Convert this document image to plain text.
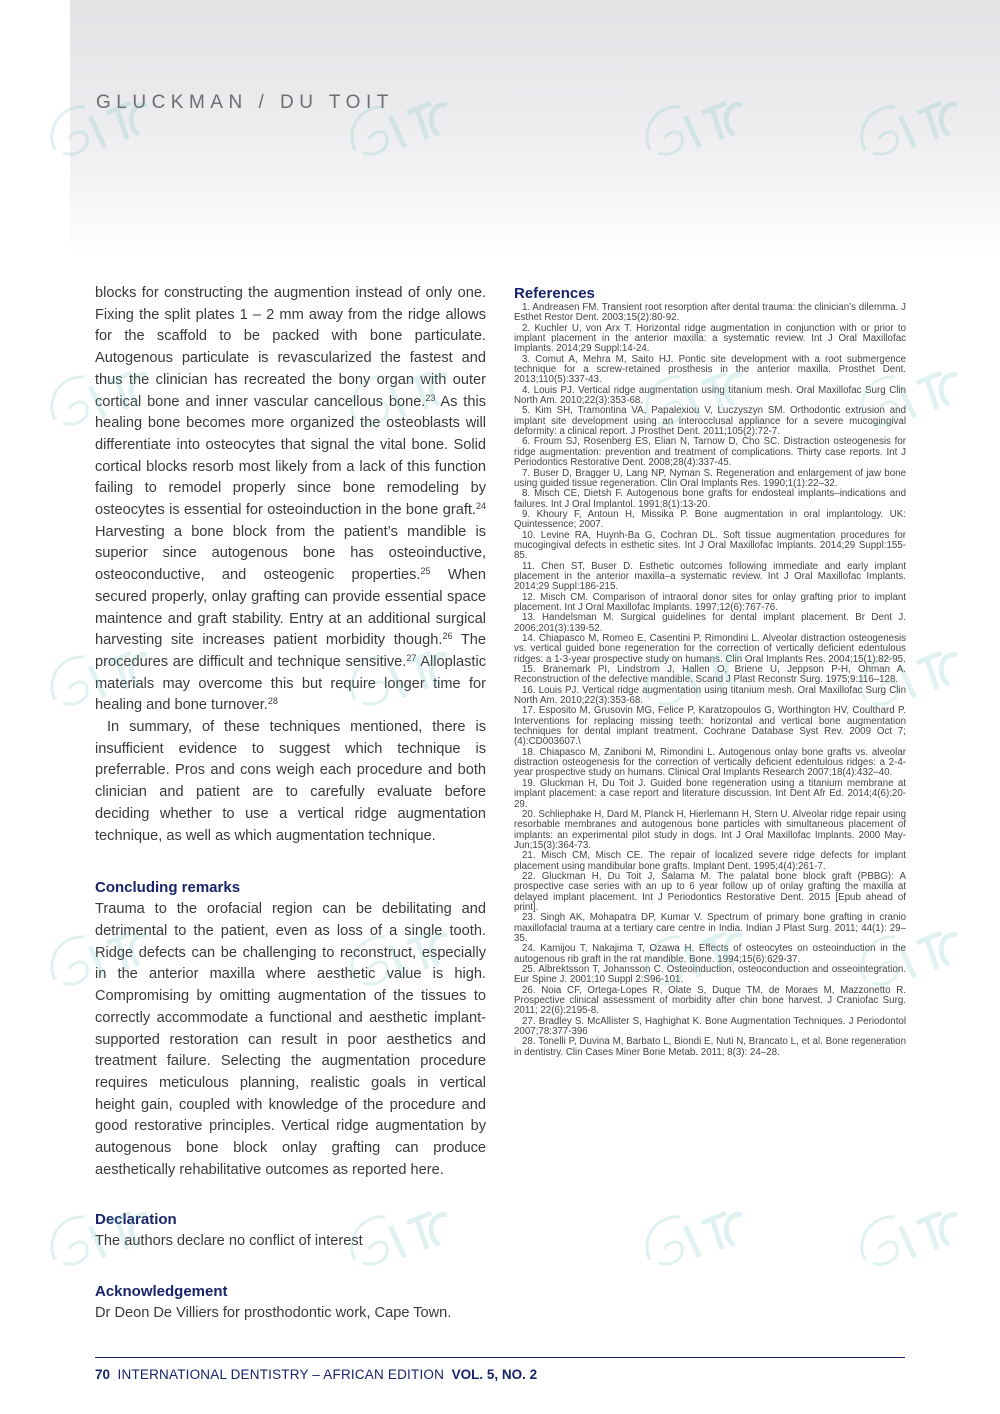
GLUCKMAN / DU TOIT

blocks for constructing the augmention instead of only one. Fixing the split plates 1 – 2 mm away from the ridge allows for the scaffold to be packed with bone particulate. Autogenous particulate is revascularized the fastest and thus the clinician has recreated the bony organ with outer cortical bone and inner vascular cancellous bone.$^{23}$ As this healing bone becomes more organized the osteoblasts will differentiate into osteocytes that signal the vital bone. Solid cortical blocks resorb most likely from a lack of this function failing to remodel properly since bone remodeling by osteocytes is essential for osteoinduction in the bone graft.$^{24}$ Harvesting a bone block from the patient’s mandible is superior since autogenous bone has osteoinductive, osteoconductive, and osteogenic properties.$^{25}$ When secured properly, onlay grafting can provide essential space maintence and graft stability. Entry at an additional surgical harvesting site increases patient morbidity though.$^{26}$ The procedures are difficult and technique sensitive.$^{27}$ Alloplastic materials may overcome this but require longer time for healing and bone turnover.$^{28}$

In summary, of these techniques mentioned, there is insufficient evidence to suggest which technique is preferrable. Pros and cons weigh each procedure and both clinician and patient are to carefully evaluate before deciding whether to use a vertical ridge augmentation technique, as well as which augmentation technique.

Concluding remarks

Trauma to the orofacial region can be debilitating and detrimental to the patient, even as loss of a single tooth. Ridge defects can be challenging to reconstruct, especially in the anterior maxilla where aesthetic value is high. Compromising by omitting augmentation of the tissues to correctly accommodate a functional and aesthetic implant-supported restoration can result in poor aesthetics and treatment failure. Selecting the augmentation procedure requires meticulous planning, realistic goals in vertical height gain, coupled with knowledge of the procedure and good restorative principles. Vertical ridge augmentation by autogenous bone block onlay grafting can produce aesthetically rehabilitative outcomes as reported here.

Declaration

The authors declare no conflict of interest

Acknowledgement

Dr Deon De Villiers for prosthodontic work, Cape Town.

References
1. Andreasen FM. Transient root resorption after dental trauma: the clinician’s dilemma. J Esthet Restor Dent. 2003;15(2):80-92.
2. Kuchler U, von Arx T. Horizontal ridge augmentation in conjunction with or prior to implant placement in the anterior maxilla: a systematic review. Int J Oral Maxillofac Implants. 2014;29 Suppl:14-24.
3. Comut A, Mehra M, Saito HJ. Pontic site development with a root submergence technique for a screw-retained prosthesis in the anterior maxilla. Prosthet Dent. 2013;110(5):337-43.
4. Louis PJ. Vertical ridge augmentation using titanium mesh. Oral Maxillofac Surg Clin North Am. 2010;22(3):353-68.
5. Kim SH, Tramontina VA, Papalexiou V, Luczyszyn SM. Orthodontic extrusion and implant site development using an interocclusal appliance for a severe mucogingival deformity: a clinical report. J Prosthet Dent. 2011;105(2):72-7.
6. Froum SJ, Rosenberg ES, Elian N, Tarnow D, Cho SC. Distraction osteogenesis for ridge augmentation: prevention and treatment of complications. Thirty case reports. Int J Periodontics Restorative Dent. 2008;28(4):337-45.
7. Buser D, Bragger U, Lang NP, Nyman S. Regeneration and enlargement of jaw bone using guided tissue regeneration. Clin Oral Implants Res. 1990;1(1):22–32.
8. Misch CE, Dietsh F. Autogenous bone grafts for endosteal implants–indications and failures. Int J Oral Implantol. 1991;8(1):13-20.
9. Khoury F, Antoun H, Missika P. Bone augmentation in oral implantology. UK: Quintessence; 2007.
10. Levine RA, Huynh-Ba G, Cochran DL. Soft tissue augmentation procedures for mucogingival defects in esthetic sites. Int J Oral Maxillofac Implants. 2014;29 Suppl:155-85.
11. Chen ST, Buser D. Esthetic outcomes following immediate and early implant placement in the anterior maxilla–a systematic review. Int J Oral Maxillofac Implants. 2014;29 Suppl:186-215.
12. Misch CM. Comparison of intraoral donor sites for onlay grafting prior to implant placement. Int J Oral Maxillofac Implants. 1997;12(6):767-76.
13. Handelsman M. Surgical guidelines for dental implant placement. Br Dent J. 2006;201(3):139-52.
14. Chiapasco M, Romeo E, Casentini P, Rimondini L. Alveolar distraction osteogenesis vs. vertical guided bone regeneration for the correction of vertically deficient edentulous ridges: a 1-3-year prospective study on humans. Clin Oral Implants Res. 2004;15(1):82-95.
15. Branemark PI, Lindstrom J, Hallen O, Briene U, Jeppson P-H, Ohman A. Reconstruction of the defective mandible. Scand J Plast Reconstr Surg. 1975;9:116–128.
16. Louis PJ. Vertical ridge augmentation using titanium mesh. Oral Maxillofac Surg Clin North Am. 2010;22(3):353-68.
17. Esposito M, Grusovin MG, Felice P, Karatzopoulos G, Worthington HV, Coulthard P. Interventions for replacing missing teeth: horizontal and vertical bone augmentation techniques for dental implant treatment. Cochrane Database Syst Rev. 2009 Oct 7;(4):CD003607.\
18. Chiapasco M, Zaniboni M, Rimondini L. Autogenous onlay bone grafts vs. alveolar distraction osteogenesis for the correction of vertically deficient edentulous ridges: a 2-4-year prospective study on humans. Clinical Oral Implants Research 2007;18(4):432–40.
19. Gluckman H, Du Toit J. Guided bone regeneration using a titanium membrane at implant placement: a case report and literature discussion. Int Dent Afr Ed. 2014;4(6):20-29.
20. Schliephake H, Dard M, Planck H, Hierlemann H, Stern U. Alveolar ridge repair using resorbable membranes and autogenous bone particles with simultaneous placement of implants: an experimental pilot study in dogs. Int J Oral Maxillofac Implants. 2000 May-Jun;15(3):364-73.
21. Misch CM, Misch CE. The repair of localized severe ridge defects for implant placement using mandibular bone grafts. Implant Dent. 1995;4(4):261-7.
22. Gluckman H, Du Toit J, Salama M. The palatal bone block graft (PBBG): A prospective case series with an up to 6 year follow up of onlay grafting the maxilla at delayed implant placement. Int J Periodontics Restorative Dent. 2015 [Epub ahead of print].
23. Singh AK, Mohapatra DP, Kumar V. Spectrum of primary bone grafting in cranio maxillofacial trauma at a tertiary care centre in India. Indian J Plast Surg. 2011; 44(1): 29–35.
24. Kamijou T, Nakajima T, Ozawa H. Effects of osteocytes on osteoinduction in the autogenous rib graft in the rat mandible. Bone. 1994;15(6):629-37.
25. Albrektsson T, Johansson C. Osteoinduction, osteoconduction and osseointegration. Eur Spine J. 2001;10 Suppl 2:S96-101.
26. Noia CF, Ortega-Lopes R, Olate S, Duque TM, de Moraes M, Mazzonetto R. Prospective clinical assessment of morbidity after chin bone harvest. J Craniofac Surg. 2011; 22(6):2195-8.
27. Bradley S. McAllister S, Haghighat K. Bone Augmentation Techniques. J Periodontol 2007;78:377-396
28. Tonelli P, Duvina M, Barbato L, Biondi E, Nuti N, Brancato L, et al. Bone regeneration in dentistry. Clin Cases Miner Bone Metab. 2011; 8(3): 24–28.
70 INTERNATIONAL DENTISTRY – AFRICAN EDITION VOL. 5, NO. 2
